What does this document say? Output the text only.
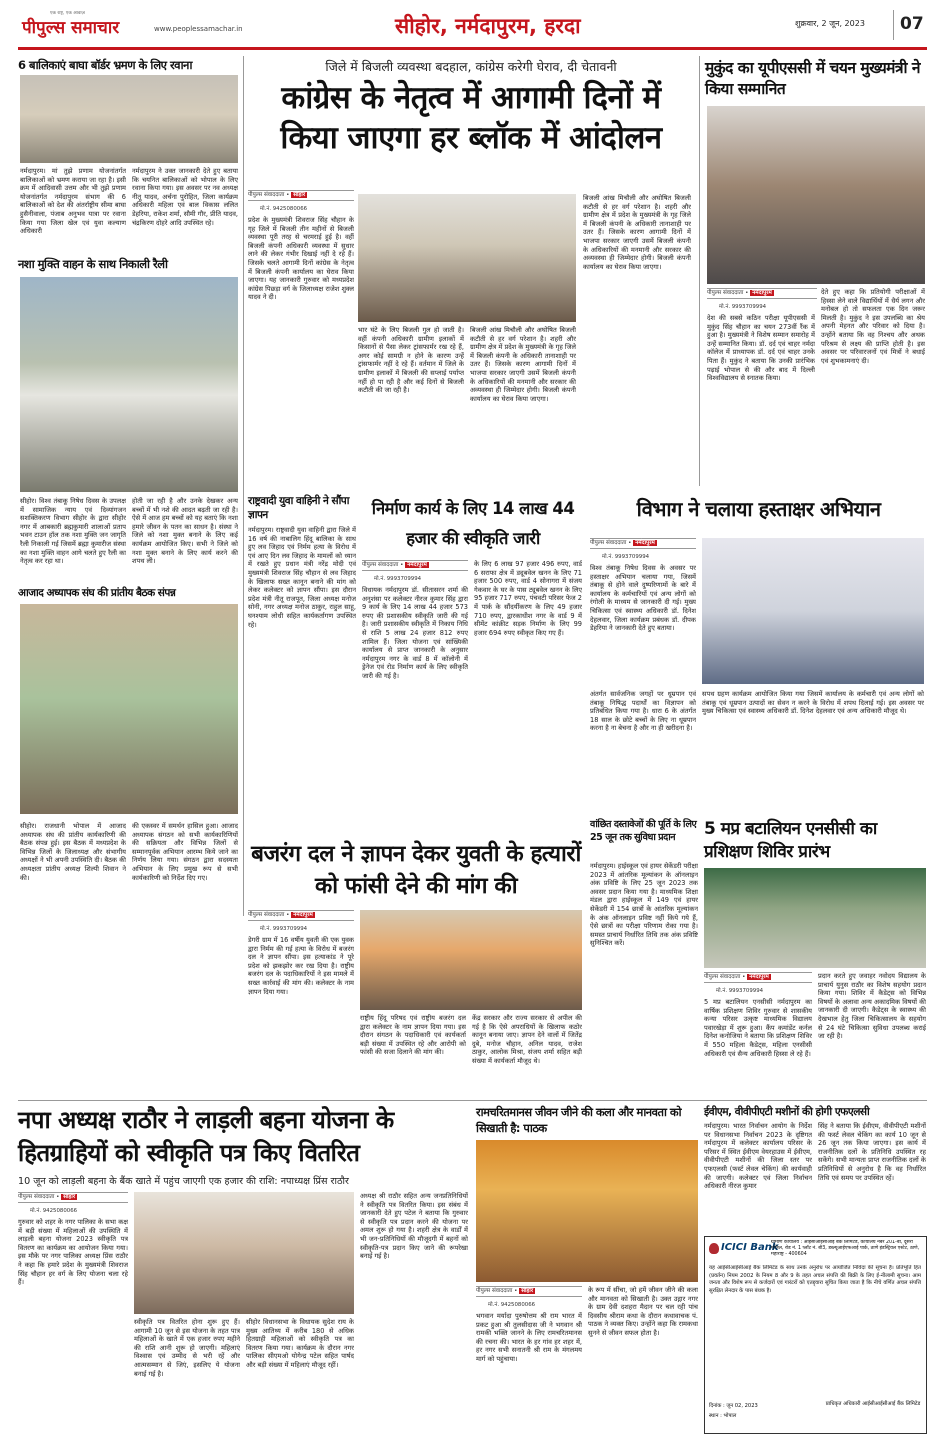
एक राष्ट्र, एक आवाज़
पीपुल्स समाचार	www.peoplessamachar.in	सीहोर, नर्मदापुरम, हरदा	शुक्रवार, 2 जून, 2023 07
6 बालिकाएं बाघा बॉर्डर भ्रमण के लिए रवाना
नर्मदापुरम। मां तुझे प्रणाम योजनांतर्गत बालिकाओं को भ्रमण कराया जा रहा है। इसी क्रम में आदिवासी उत्तम और भी तुझे प्रणाम योजनांतर्गत नर्मदापुरम संभाग की 6 बालिकाओं को देश की अंतर्राष्ट्रीय सीमा बाघा हुसैनीवाला, पंजाब अनुभव यात्रा पर रवाना किया गया जिला खेल एवं युवा कल्याण अधिकारी
नर्मदापुरम ने उक्त जानकारी देते हुए बताया कि चयनित बालिकाओं को भोपाल के लिए रवाना किया गया। इस अवसर पर नव अध्यक्ष नीतू यादव, अर्चना पुरोहित, जिला कार्यक्रम अधिकारी महिला एवं बाल विकास ललित डेहरिया, राकेश शर्मा, सौमी गौर, प्रीति यादव, चंद्रकिरण दोहरे आदि उपस्थित रहे।
नशा मुक्ति वाहन के साथ निकाली रैली
सीहोर। विश्व तंबाकू निषेध दिवस के उपलक्ष में सामाजिक न्याय एवं दिव्यांगजन सशक्तिकरण विभाग सीहोर के द्वारा सीहोर नगर में आबकारी ब्रह्मकुमारी शालाओं प्रताप भवन टाउन हॉल तक नशा मुक्ति जन जागृति रैली निकाली गई जिसमें ब्रह्मा कुमारीज संस्था का नशा मुक्ति वाहन आगे चलते हुए रैली का नेतृत्व कर रहा था।
होती जा रही है और उनके देखकर अन्य बच्चों में भी नशे की आदत बढ़ती जा रही है। ऐसे में आज हम बच्चों को यह बताएं कि नशा हमारे जीवन के पतन का साधन है। संस्था ने जिले को नशा मुक्त बनाने के लिए कई कार्यक्रम आयोजित किए। सभी ने जिले को नशा मुक्त बनाने के लिए कार्य करने की शपथ ली।
आजाद अध्यापक संघ की प्रांतीय बैठक संपन्न
सीहोर। राजधानी भोपाल में आजाद अध्यापक संघ की प्रांतीय कार्यकारिणी की बैठक संपन्न हुई। इस बैठक में मध्यप्रदेश के विभिन्न जिलों के जिलाध्यक्ष और संभागीय अध्यक्षों ने भी अपनी उपस्थिति दी। बैठक की अध्यक्षता प्रांतीय अध्यक्ष शिल्पी शिवान ने की।
की एकस्वर में समर्थन हासिल हुआ। आजाद अध्यापक संगठन को सभी कार्यकारिणियों की सक्रियता और विभिन्न जिलों से सम्मानपूर्वक अभियान आरम्भ किये जाने का निर्णय लिया गया। संगठन द्वारा सदस्यता अभियान के लिए प्रमुख रूप से सभी कार्यकारिणी को निर्देश दिए गए।
जिले में बिजली व्यवस्था बदहाल, कांग्रेस करेगी घेराव, दी चेतावनी
कांग्रेस के नेतृत्व में आगामी दिनों में किया जाएगा हर ब्लॉक में आंदोलन
पीपुल्स संवाददाता • सीहोर
मो.नं. 9425080066
प्रदेश के मुख्यमंत्री शिवराज सिंह चौहान के गृह जिले में बिजली तीन महीनों से बिजली व्यवस्था पूरी तरह से चरमराई हुई है। वहीं बिजली कंपनी अधिकारी व्यवस्था में सुधार लाने की लेकर गंभीर दिखाई नहीं दे रहे हैं। जिसके चलते आगामी दिनों कांग्रेस के नेतृत्व में बिजली कंपनी कार्यालय का घेराव किया जाएगा। यह जानकारी गुरुवार को मध्यप्रदेश कांग्रेस पिछड़ा वर्ग के जिलाध्यक्ष राजेश शुक्ल यादव ने दी।
भार घंटे के लिए बिजली गुल हो जाती है। वहीं कंपनी अधिकारी ग्रामीण इलाकों में किसानों से पैसा लेकर ट्रांसफार्मर रख रहे हैं, अगर कोई सामग्री न होने के कारण उन्हें ट्रांसफार्मर नहीं दे रहे हैं। वर्तमान में जिले के ग्रामीण इलाकों में बिजली की सप्लाई पर्याप्त नहीं हो पा रही है और कई दिनों से बिजली कटौती की जा रही है।
बिजली आंख मिचौली और अघोषित बिजली कटौती से हर वर्ग परेशान है। शहरी और ग्रामीण क्षेत्र में प्रदेश के मुख्यमंत्री के गृह जिले में बिजली कंपनी के अधिकारी तानाशाही पर उतर हैं। जिसके कारण आगामी दिनों में भाजपा सरकार जाएगी उसमें बिजली कंपनी के अधिकारियों की मनमानी और सरकार की अव्यवस्था ही जिम्मेदार होगी। बिजली कंपनी कार्यालय का घेराव किया जाएगा।
बिजली आंख मिचौली और अघोषित बिजली कटौती से हर वर्ग परेशान है। शहरी और ग्रामीण क्षेत्र में प्रदेश के मुख्यमंत्री के गृह जिले में बिजली कंपनी के अधिकारी तानाशाही पर उतर हैं। जिसके कारण आगामी दिनों में भाजपा सरकार जाएगी उसमें बिजली कंपनी के अधिकारियों की मनमानी और सरकार की अव्यवस्था ही जिम्मेदार होगी। बिजली कंपनी कार्यालय का घेराव किया जाएगा।
मुकुंद का यूपीएससी में चयन मुख्यमंत्री ने किया सम्मानित
पीपुल्स संवाददाता • नर्मदापुरम
मो.नं. 9993709994
देश की सबसे कठिन परीक्षा यूपीएससी में मुकुंद सिंह चौहान का चयन 273वीं रैंक में हुआ है। मुख्यमंत्री ने विशेष सम्मान समारोह में उन्हें सम्मानित किया। डॉ. दर्द एवं चाहर नर्मदा कॉलेज में प्राध्यापक डॉ. दर्द एवं चाहर उनके पिता हैं। मुकुंद ने बताया कि उनकी प्रारंभिक पढ़ाई भोपाल से की और बाद में दिल्ली विश्वविद्यालय से स्नातक किया।
देते हुए कहा कि प्रतियोगी परीक्षाओं में हिस्सा लेने वाले विद्यार्थियों में धैर्य लगन और मनोबल हो तो सफलता एक दिन जरूर मिलती है। मुकुंद ने इस उपलब्धि का श्रेय अपनी मेहनत और परिवार को दिया है। उन्होंने बताया कि वह निश्चय और अथक परिश्रम से लक्ष्य की प्राप्ति होती है। इस अवसर पर परिवारजनों एवं मित्रों ने बधाई एवं शुभकामनाएं दी।
राष्ट्रवादी युवा वाहिनी ने सौंपा ज्ञापन
नर्मदापुरम। राष्ट्रवादी युवा वाहिनी द्वारा जिले में 16 वर्ष की नाबालिग हिंदू बालिका के साथ हुए लव जिहाद एवं निर्मम हत्या के विरोध में एवं आए दिन लव जिहाद के मामलों को ध्यान में रखते हुए प्रधान मंत्री नरेंद्र मोदी एवं मुख्यमंत्री शिवराज सिंह चौहान से लव जिहाद के खिलाफ सख्त कानून बनाने की मांग को लेकर कलेक्टर को ज्ञापन सौंपा। इस दौरान प्रदेश मंत्री नीतू राजपूत, जिला अध्यक्ष मनोज सोनी, नगर अध्यक्ष मनोज ठाकुर, राहुल साहू, घनश्याम लोधी सहित कार्यकर्तागण उपस्थित रहे।
निर्माण कार्य के लिए 14 लाख 44 हजार की स्वीकृति जारी
पीपुल्स संवाददाता • नर्मदापुरम
मो.नं. 9993709994
विधायक नर्मदापुरम डॉ. सीतासरन शर्मा की अनुशंसा पर कलेक्टर नीरज कुमार सिंह द्वारा 9 कार्य के लिए 14 लाख 44 हजार 573 रुपए की प्रशासकीय स्वीकृति जारी की गई है। जारी प्रशासकीय स्वीकृति में निकाय निधि से राशि 5 लाख 24 हजार 812 रुपए शामिल हैं। जिला योजना एवं सांख्यिकी कार्यालय से प्राप्त जानकारी के अनुसार नर्मदापुरम नगर के वार्ड 8 में कॉलोनी में ड्रेनेज एवं रोड निर्माण कार्य के लिए स्वीकृति जारी की गई है।
के लिए 6 लाख 97 हजार 496 रुपए, वार्ड 6 सराफा क्षेत्र में ड्यूबवेल खनन के लिए 71 हजार 500 रुपए, वार्ड 4 सोनागरा में संजय गेकवार के घर के पास ट्यूबवेल खनन के लिए 95 हजार 717 रुपए, पंचवटी परिसर फेज 2 में पार्क के सौंदर्यीकरण के लिए 49 हजार 710 रुपए, द्वारकाधीश नगर के वार्ड 9 में सीमेंट कांक्रीट सड़क निर्माण के लिए 99 हजार 694 रुपए स्वीकृत किए गए हैं।
विभाग ने चलाया हस्ताक्षर अभियान
पीपुल्स संवाददाता • नर्मदापुरम
मो.नं. 9993709994
विश्व तंबाकू निषेध दिवस के अवसर पर हस्ताक्षर अभियान चलाया गया, जिसमें तंबाकू से होने वाले दुष्परिणामों के बारे में कार्यालय के कर्मचारियों एवं अन्य लोगों को रंगोली के माध्यम से जानकारी दी गई। मुख्य चिकित्सा एवं स्वास्थ्य अधिकारी डॉ. दिनेश देहलवार, जिला कार्यक्रम प्रबंधक डॉ. दीपक डेहरिया ने जानकारी देते हुए बताया।
अंतर्गत सार्वजनिक जगहों पर धूम्रपान एवं तंबाकू निषिद्ध पदार्थों का विज्ञापन को प्रतिबंधित किया गया है। धारा 6 के अंतर्गत 18 साल के छोटे बच्चों के लिए ना धूम्रपान करना है ना बेचना है और ना ही खरीदना है।
सपथ ग्रहण कार्यक्रम आयोजित किया गया जिसमें कार्यालय के कर्मचारी एवं अन्य लोगों को तंबाकू एवं धूम्रपान उत्पादों का सेवन न करने के विरोध में शपथ दिलाई गई। इस अवसर पर मुख्य चिकित्सा एवं स्वास्थ्य अधिकारी डॉ. दिनेश देहलवार एवं अन्य अधिकारी मौजूद थे।
बजरंग दल ने ज्ञापन देकर युवती के हत्यारों को फांसी देने की मांग की
पीपुल्स संवाददाता • नर्मदापुरम
मो.नं. 9993709994
डेगरी ग्राम में 16 वर्षीय युवती की एक युवक द्वारा निर्मम की गई हत्या के विरोध में बजरंग दल ने ज्ञापन सौंपा। इस हत्याकांड ने पूरे प्रदेश को झकझोर कर रख दिया है। राष्ट्रीय बजरंग दल के पदाधिकारियों ने इस मामले में सख्त कार्रवाई की मांग की। कलेक्टर के नाम ज्ञापन दिया गया।
राष्ट्रीय हिंदू परिषद एवं राष्ट्रीय बजरंग दल द्वारा कलेक्टर के नाम ज्ञापन दिया गया। इस दौरान संगठन के पदाधिकारी एवं कार्यकर्ता बड़ी संख्या में उपस्थित रहे और आरोपी को फांसी की सजा दिलाने की मांग की।
केंद्र सरकार और राज्य सरकार से अपील की गई है कि ऐसे अपराधियों के खिलाफ कठोर कानून बनाया जाए। ज्ञापन देने वालों में जितेंद्र दुबे, मनोज चौहान, अनिल यादव, राजेश ठाकुर, आलोक मिश्रा, संजय शर्मा सहित बड़ी संख्या में कार्यकर्ता मौजूद थे।
वांछित दस्तावेजों की पूर्ति के लिए 25 जून तक सुविधा प्रदान
नर्मदापुरम। हाईस्कूल एवं हायर सेकेंडरी परीक्षा 2023 में आंतरिक मूल्यांकन के ऑनलाइन अंक प्रविष्टि के लिए 25 जून 2023 तक अवसर प्रदान किया गया है। माध्यमिक शिक्षा मंडल द्वारा हाईस्कूल में 149 एवं हायर सेकेंडरी में 154 छात्रों के आंतरिक मूल्यांकन के अंक ऑनलाइन प्रविष्ट नहीं किये गये हैं, ऐसे छात्रों का परीक्षा परिणाम रोका गया है। समस्त प्राचार्य निर्धारित तिथि तक अंक प्रविष्टि सुनिश्चित करें।
5 मप्र बटालियन एनसीसी का प्रशिक्षण शिविर प्रारंभ
पीपुल्स संवाददाता • नर्मदापुरम
मो.नं. 9993709994
5 मप्र बटालियन एनसीसी नर्मदापुरम का वार्षिक प्रशिक्षण शिविर गुरुवार से शासकीय कन्या परिसर उत्कृष्ट माध्यमिक विद्यालय पवारखेड़ा में शुरू हुआ। कैंप कमांडेंट कर्नल दिनेश कनोजिया ने बताया कि प्रशिक्षण शिविर में 550 महिला कैडेट्स, महिला एनसीसी अधिकारी एवं सैन्य अधिकारी हिस्सा ले रहे हैं।
प्रदान करते हुए जवाहर नवोदय विद्यालय के प्राचार्य युनुस राठौर का विशेष सहयोग प्रदान किया गया। शिविर में कैडेट्स को विभिन्न विषयों के अलावा अन्य अकादमिक विषयों की जानकारी दी जाएगी। कैडेट्स के स्वास्थ्य की देखभाल हेतु जिला चिकित्सालय के सहयोग से 24 घंटे चिकित्सा सुविधा उपलब्ध कराई जा रही है।
नपा अध्यक्ष राठौर ने लाड़ली बहना योजना के हितग्राहियों को स्वीकृति पत्र किए वितरित
10 जून को लाड़ली बहना के बैंक खाते में पहुंच जाएगी एक हजार की राशि: नपाध्यक्ष प्रिंस राठौर
पीपुल्स संवाददाता • सीहोर
मो.नं. 9425080066
गुरुवार को शहर के नगर पालिका के सभा कक्ष में बड़ी संख्या में महिलाओं की उपस्थिति में लाड़ली बहना योजना 2023 स्वीकृति पत्र वितरण का कार्यक्रम का आयोजन किया गया। इस मौके पर नगर पालिका अध्यक्ष प्रिंस राठौर ने कहा कि हमारे प्रदेश के मुख्यमंत्री शिवराज सिंह चौहान हर वर्ग के लिए योजना चला रहे हैं।
स्वीकृति पत्र वितरित होना शुरू हुए हैं। आगामी 10 जून से इस योजना के तहत पात्र महिलाओं के खाते में एक हजार रुपए महीने की राशि आनी शुरू हो जाएगी। महिलाएं विश्वास एवं उम्मीद से भरी रहें और आत्मसम्मान से जिएं, इसलिए ये योजना बनाई गई है।
सीहोर विधानसभा के विधायक सुदेश राय के मुख्य आतिथ्य में करीब 180 से अधिक हितग्राही महिलाओं को स्वीकृति पत्र का वितरण किया गया। कार्यक्रम के दौरान नगर पालिका सीएमओ योगेन्द्र पटेल सहित पार्षद और बड़ी संख्या में महिलाएं मौजूद रहीं।
अध्यक्ष श्री राठौर सहित अन्य जनप्रतिनिधियों ने स्वीकृति पत्र वितरित किया। इस संबंध में जानकारी देते हुए पटेल ने बताया कि गुरुवार से स्वीकृति पत्र प्रदान करने की योजना पर अमल शुरू हो गया है। शहरी क्षेत्र के वार्डों में भी जन-प्रतिनिधियों की मौजूदगी में बहनों को स्वीकृति-पत्र प्रदान किए जाने की रूपरेखा बनाई गई है।
रामचरितमानस जीवन जीने की कला और मानवता को सिखाती है: पाठक
पीपुल्स संवाददाता • सीहोर
मो.नं. 9425080066
भगवान मर्यादा पुरुषोत्तम श्री राम भारत में प्रकट हुआ श्री तुलसीदास जी ने भगवान श्री रामकी भक्ति जानने के लिए रामचरितमानस की रचना की। भारत के हर गांव हर शहर में, हर नगर सभी सनातनी श्री राम के मंगलमय मार्ग को पहुंचाया।
के रूप में सींचा, जो हमें जीवन जीने की कला और मानवता को सिखाती है। उक्त उद्गार नगर के ग्राम देवी दशहरा मैदान पर चल रही पांच दिवसीय श्रीराम कथा के दौरान कथावाचक पं. पाठक ने व्यक्त किए। उन्होंने कहा कि रामकथा सुनने से जीवन सफल होता है।
ईवीएम, वीवीपीएटी मशीनों की होगी एफएलसी
नर्मदापुरम। भारत निर्वाचन आयोग के निर्देश पर विधानसभा निर्वाचन 2023 के दृष्टिगत नर्मदापुरम में कलेक्टर कार्यालय परिसर के परिसर में स्थित ईवीएम वेयरहाउस में ईवीएम, वीवीपीएटी मशीनों की जिला स्तर पर एफएलसी (फर्स्ट लेवल चेकिंग) की कार्यवाही की जाएगी। कलेक्टर एवं जिला निर्वाचन अधिकारी नीरज कुमार
सिंह ने बताया कि ईवीएम, वीवीपीएटी मशीनों की फर्स्ट लेवल चेकिंग का कार्य 10 जून से 26 जून तक किया जाएगा। इस कार्य में राजनीतिक दलों के प्रतिनिधि उपस्थित रह सकेंगे। सभी मान्यता प्राप्त राजनीतिक दलों के प्रतिनिधियों से अनुरोध है कि वह निर्धारित तिथि एवं समय पर उपस्थित रहें।
ICICI Bank
ग्रामीण कार्यालय : आईसीआईसीआई बैंक लिमिटेड, कार्यालय नंबर 201-बी, दूसरी मंजिल, रोड नं. 1 प्लॉट नं. बी3, डब्ल्यूआईएफआई पार्क, ठाणे इंडस्ट्रियल एस्टेट, ठाणे, महाराष्ट्र - 400604
यह आईसीआईसीआई बैंक लिमिटेड के साथ उनके अनुरोध पर आयोजित निविदा की सूचना है। प्रतिभूति हित (प्रवर्तन) नियम 2002 के नियम 8 और 9 के तहत अचल संपत्ति की बिक्री के लिए ई-नीलामी सूचना। आम जनता और विशेष रूप से कर्जदारों एवं गारंटरों को एतद्द्वारा सूचित किया जाता है कि नीचे वर्णित अचल संपत्ति सुरक्षित लेनदार के पास बंधक है।
दिनांक : जून 02, 2023
स्थान : भोपाल
प्राधिकृत अधिकारी आईसीआईसीआई बैंक लिमिटेड
